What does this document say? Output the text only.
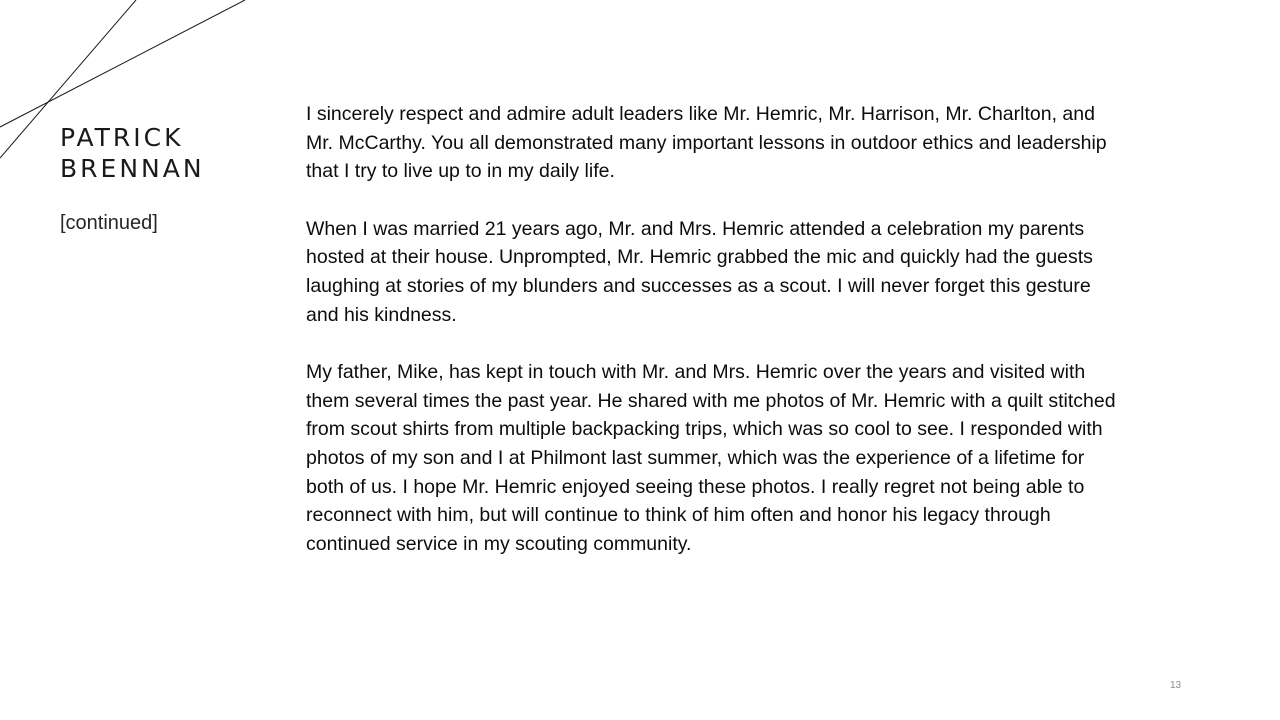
PATRICK
BRENNAN

[continued]

I sincerely respect and admire adult leaders like Mr. Hemric, Mr. Harrison, Mr. Charlton, and Mr. McCarthy. You all demonstrated many important lessons in outdoor ethics and leadership that I try to live up to in my daily life.

When I was married 21 years ago, Mr. and Mrs. Hemric attended a celebration my parents hosted at their house. Unprompted, Mr. Hemric grabbed the mic and quickly had the guests laughing at stories of my blunders and successes as a scout. I will never forget this gesture and his kindness.

My father, Mike, has kept in touch with Mr. and Mrs. Hemric over the years and visited with them several times the past year. He shared with me photos of Mr. Hemric with a quilt stitched from scout shirts from multiple backpacking trips, which was so cool to see. I responded with photos of my son and I at Philmont last summer, which was the experience of a lifetime for both of us. I hope Mr. Hemric enjoyed seeing these photos. I really regret not being able to reconnect with him, but will continue to think of him often and honor his legacy through continued service in my scouting community.

13
